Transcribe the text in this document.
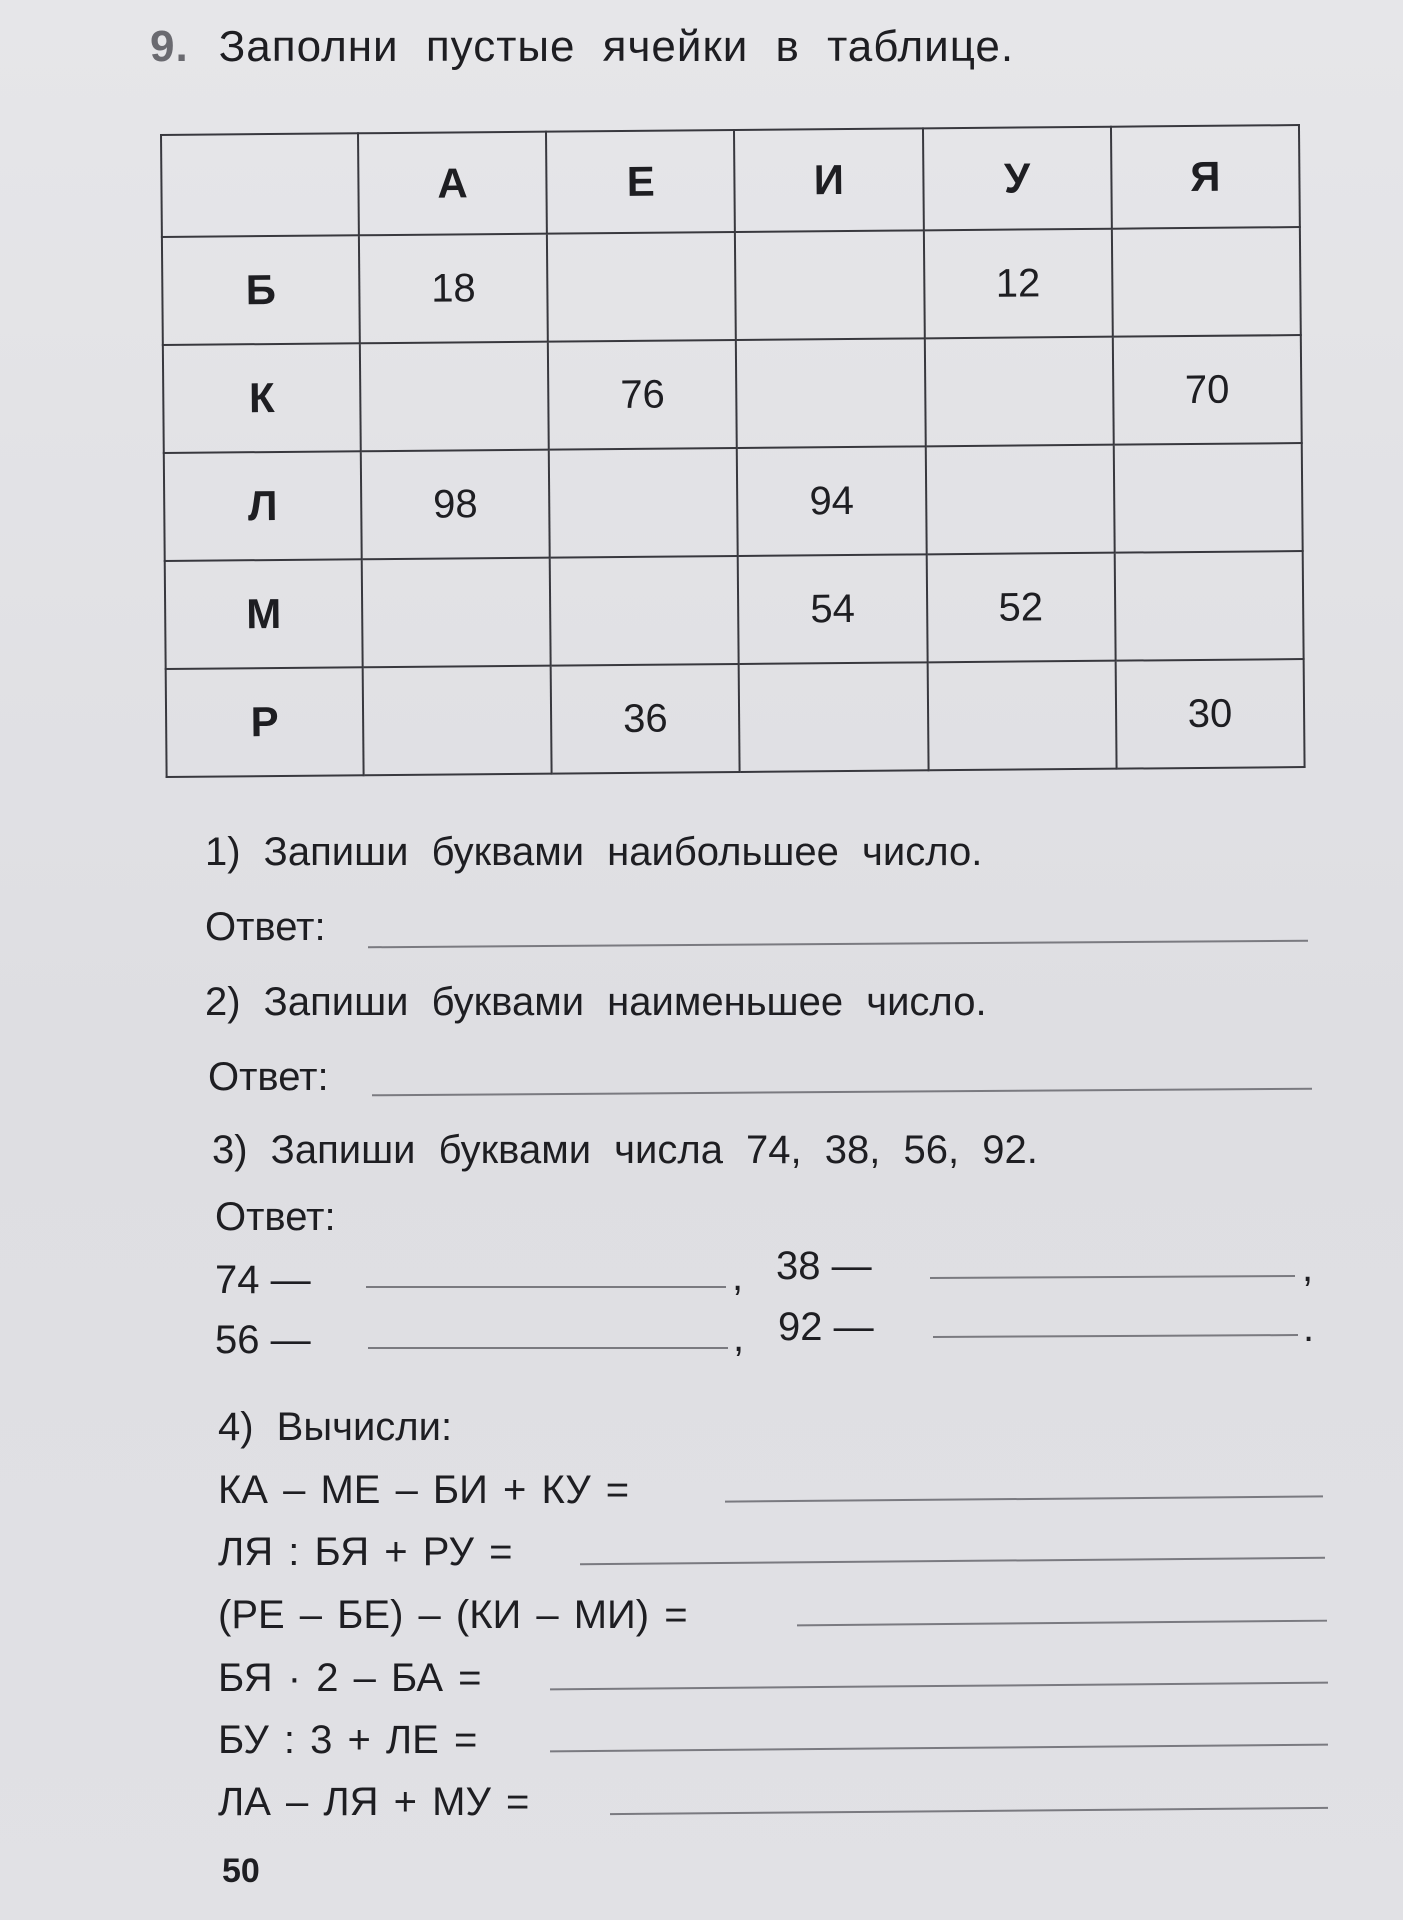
9. Заполни пустые ячейки в таблице.
	А	Е	И	У	Я
Б	18			12	
К		76			70
Л	98		94		
М			54	52	
Р		36			30
1) Запиши буквами наибольшее число.
Ответ:
2) Запиши буквами наименьшее число.
Ответ:
3) Запиши буквами числа 74, 38, 56, 92.
Ответ:
74 —	, 38 —	,
56 —	, 92 —	.
4) Вычисли:
КА – МЕ – БИ + КУ =
ЛЯ : БЯ + РУ =
(РЕ – БЕ) – (КИ – МИ) =
БЯ · 2 – БА =
БУ : 3 + ЛЕ =
ЛА – ЛЯ + МУ =
50
